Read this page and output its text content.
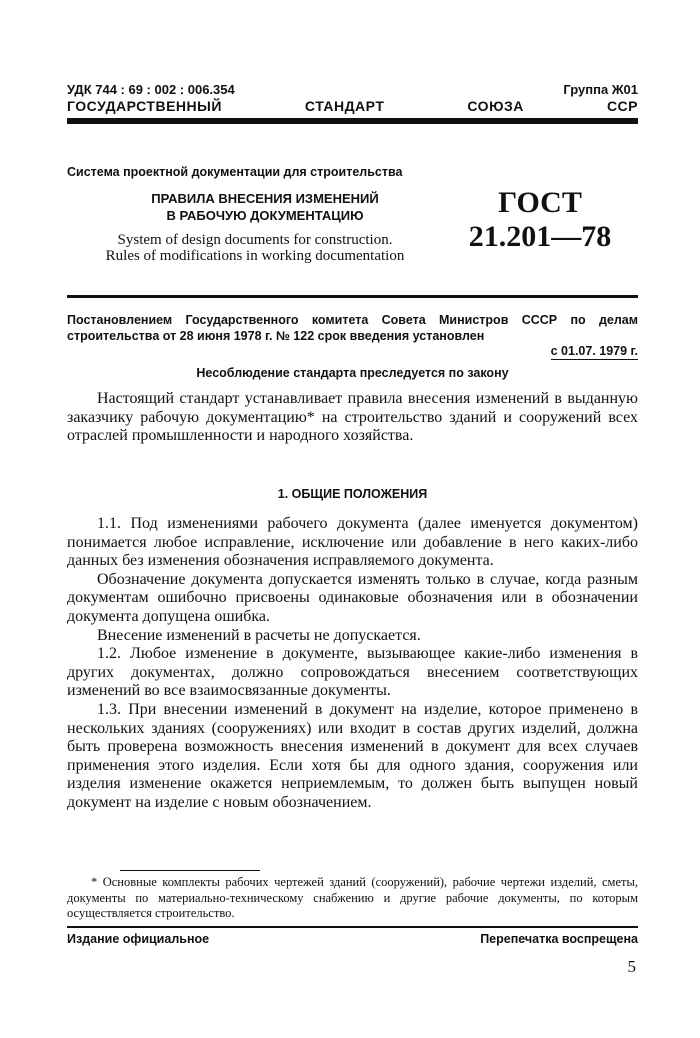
УДК 744 : 69 : 002 : 006.354	Группа Ж01
ГОСУДАРСТВЕННЫЙ СТАНДАРТ СОЮЗА ССР
Система проектной документации для строительства
ПРАВИЛА ВНЕСЕНИЯ ИЗМЕНЕНИЙ
В РАБОЧУЮ ДОКУМЕНТАЦИЮ
System of design documents for construction.
Rules of modifications in working documentation
ГОСТ
21.201—78
Постановлением Государственного комитета Совета Министров СССР по делам строительства от 28 июня 1978 г. № 122 срок введения установлен
с 01.07. 1979 г.
Несоблюдение стандарта преследуется по закону

Настоящий стандарт устанавливает правила внесения изменений в выданную заказчику рабочую документацию* на строительство зданий и сооружений всех отраслей промышленности и народного хозяйства.

1. ОБЩИЕ ПОЛОЖЕНИЯ

1.1. Под изменениями рабочего документа (далее именуется документом) понимается любое исправление, исключение или добавление в него каких-либо данных без изменения обозначения исправляемого документа.

Обозначение документа допускается изменять только в случае, когда разным документам ошибочно присвоены одинаковые обозначения или в обозначении документа допущена ошибка.

Внесение изменений в расчеты не допускается.

1.2. Любое изменение в документе, вызывающее какие-либо изменения в других документах, должно сопровождаться внесением соответствующих изменений во все взаимосвязанные документы.

1.3. При внесении изменений в документ на изделие, которое применено в нескольких зданиях (сооружениях) или входит в состав других изделий, должна быть проверена возможность внесения изменений в документ для всех случаев применения этого изделия. Если хотя бы для одного здания, сооружения или изделия изменение окажется неприемлемым, то должен быть выпущен новый документ на изделие с новым обозначением.

* Основные комплекты рабочих чертежей зданий (сооружений), рабочие чертежи изделий, сметы, документы по материально-техническому снабжению и другие рабочие документы, по которым осуществляется строительство.

Издание официальное	Перепечатка воспрещена
5
